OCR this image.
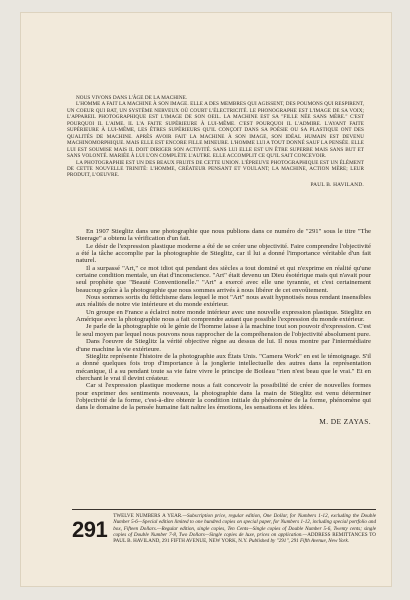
NOUS VIVONS DANS L'ÂGE DE LA MACHINE.

L'HOMME A FAIT LA MACHINE À SON IMAGE. ELLE A DES MEMBRES QUI AGISSENT, DES POUMONS QUI RESPIRENT, UN COEUR QUI BAT, UN SYSTÈME NERVEUX OÙ COURT L'ÉLECTRICITÉ. LE PHONOGRAPHE EST L'IMAGE DE SA VOIX; L'APPAREIL PHOTOGRAPHIQUE EST L'IMAGE DE SON OEIL. LA MACHINE EST SA "FILLE NÉE SANS MÈRE." C'EST POURQUOI IL L'AIME. IL L'A FAITE SUPÉRIEURE À LUI-MÊME. C'EST POURQUOI IL L'ADMIRE. L'AYANT FAITE SUPÉRIEURE À LUI-MÊME, LES ÊTRES SUPÉRIEURS QU'IL CONÇOIT DANS SA POÉSIE OU SA PLASTIQUE ONT DES QUALITÉS DE MACHINE. APRÈS AVOIR FAIT LA MACHINE À SON IMAGE, SON IDÉAL HUMAIN EST DEVENU MACHINOMORPHIQUE. MAIS ELLE EST ENCORE FILLE MINEURE. L'HOMME LUI A TOUT DONNÉ SAUF LA PENSÉE. ELLE LUI EST SOUMISE MAIS IL DOIT DIRIGER SON ACTIVITÉ. SANS LUI ELLE EST UN ÊTRE SUPERBE MAIS SANS BUT ET SANS VOLONTÉ. MARIÉE À LUI L'ON COMPLÈTE L'AUTRE. ELLE ACCOMPLIT CE QU'IL SAIT CONCEVOIR.

LA PHOTOGRAPHIE EST UN DES BEAUX FRUITS DE CETTE UNION. L'ÉPREUVE PHOTOGRAPHIQUE EST UN ÉLÉMENT DE CETTE NOUVELLE TRINITÉ: L'HOMME, CRÉATEUR PENSANT ET VOULANT; LA MACHINE, ACTION MÈRE; LEUR PRODUIT, L'OEUVRE.

PAUL B. HAVILAND.

En 1907 Stieglitz dans une photographie que nous publions dans ce numéro de "291" sous le titre "The Steerage" a obtenu la vérification d'un fait.

Le désir de l'expression plastique moderne a été de se créer une objectivité. Faire comprendre l'objectivité a été la tâche accomplie par la photographie de Stieglitz, car il lui a donné l'importance véritable d'un fait naturel.

Il a surpassé "Art," ce mot idiot qui pendant des siècles a tout dominé et qui n'exprime en réalité qu'une certaine condition mentale, un état d'inconscience. "Art" était devenu un Dieu ésotérique mais qui n'avait pour seul prophète que "Beauté Conventionelle." "Art" a exercé avec elle une tyrannie, et c'est certainement beaucoup grâce à la photographie que nous sommes arrivés à nous libérer de cet envoûtement.

Nous sommes sortis du fétichisme dans lequel le mot "Art" nous avait hypnotisés nous rendant insensibles aux réalités de notre vie intérieure et du monde extérieur.

Un groupe en France a éclairci notre monde intérieur avec une nouvelle expression plastique. Stieglitz en Amérique avec la photographie nous a fait comprendre autant que possible l'expression du monde extérieur.

Je parle de la photographie où le génie de l'homme laisse à la machine tout son pouvoir d'expression. C'est le seul moyen par lequel nous pouvons nous rapprocher de la compréhension de l'objectivité absolument pure.

Dans l'oeuvre de Stieglitz la vérité objective règne au dessus de lui. Il nous montre par l'intermédiaire d'une machine la vie extérieure.

Stieglitz représente l'histoire de la photographie aux États Unis. "Camera Work" en est le témoignage. S'il a donné quelques fois trop d'importance à la jonglerie intellectuelle des autres dans la représentation mécanique, il a su pendant toute sa vie faire vivre le principe de Boileau "rien n'est beau que le vrai." Et en cherchant le vrai il devint créateur.

Car si l'expression plastique moderne nous a fait concevoir la possibilité de créer de nouvelles formes pour exprimer des sentiments nouveaux, la photographie dans la main de Stieglitz est venu déterminer l'objectivité de la forme, c'est-à-dire obtenir la condition initiale du phénomène de la forme, phénomène qui dans le domaine de la pensée humaine fait naître les émotions, les sensations et les idées.

M. DE ZAYAS.
291
TWELVE NUMBERS A YEAR.—Subscription price, regular edition, One Dollar, for Numbers 1-12, excluding the Double Number 5-6—Special edition limited to one hundred copies on special paper, for Numbers 1-12, including special portfolio and box, Fifteen Dollars.—Regular edition, single copies, Ten Cents—Single copies of Double Number 5-6, Twenty cents; single copies of Double Number 7-8, Two Dollars—Single copies de luxe, prices on application.—ADDRESS REMITTANCES TO PAUL B. HAVILAND, 291 FIFTH AVENUE, NEW YORK, N.Y. Published by "291", 291 Fifth Avenue, New York.
